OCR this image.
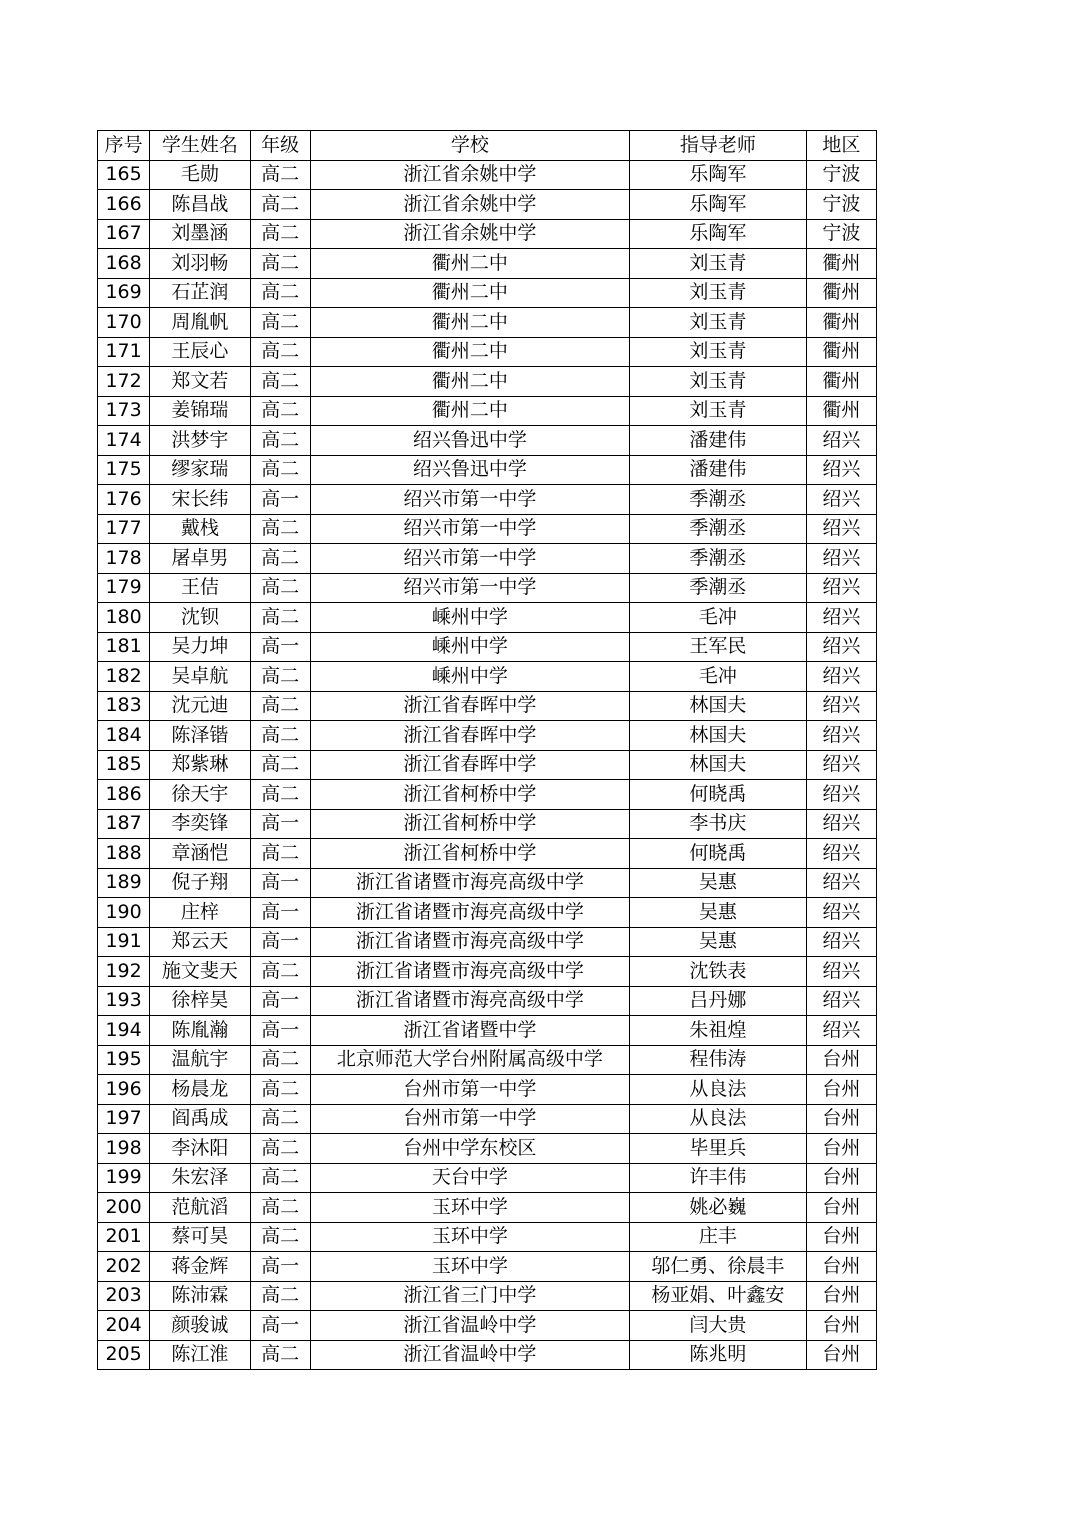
序号	学生姓名	年级	学校	指导老师	地区
165	毛勋	高二	浙江省余姚中学	乐陶军	宁波
166	陈昌战	高二	浙江省余姚中学	乐陶军	宁波
167	刘墨涵	高二	浙江省余姚中学	乐陶军	宁波
168	刘羽畅	高二	衢州二中	刘玉青	衢州
169	石芷润	高二	衢州二中	刘玉青	衢州
170	周胤帆	高二	衢州二中	刘玉青	衢州
171	王辰心	高二	衢州二中	刘玉青	衢州
172	郑文若	高二	衢州二中	刘玉青	衢州
173	姜锦瑞	高二	衢州二中	刘玉青	衢州
174	洪梦宇	高二	绍兴鲁迅中学	潘建伟	绍兴
175	缪家瑞	高二	绍兴鲁迅中学	潘建伟	绍兴
176	宋长纬	高一	绍兴市第一中学	季潮丞	绍兴
177	戴栈	高二	绍兴市第一中学	季潮丞	绍兴
178	屠卓男	高二	绍兴市第一中学	季潮丞	绍兴
179	王佶	高二	绍兴市第一中学	季潮丞	绍兴
180	沈钡	高二	嵊州中学	毛冲	绍兴
181	吴力坤	高一	嵊州中学	王军民	绍兴
182	吴卓航	高二	嵊州中学	毛冲	绍兴
183	沈元迪	高二	浙江省春晖中学	林国夫	绍兴
184	陈泽锴	高二	浙江省春晖中学	林国夫	绍兴
185	郑紫琳	高二	浙江省春晖中学	林国夫	绍兴
186	徐天宇	高二	浙江省柯桥中学	何晓禹	绍兴
187	李奕锋	高一	浙江省柯桥中学	李书庆	绍兴
188	章涵恺	高二	浙江省柯桥中学	何晓禹	绍兴
189	倪子翔	高一	浙江省诸暨市海亮高级中学	吴惠	绍兴
190	庄梓	高一	浙江省诸暨市海亮高级中学	吴惠	绍兴
191	郑云天	高一	浙江省诸暨市海亮高级中学	吴惠	绍兴
192	施文斐天	高二	浙江省诸暨市海亮高级中学	沈铁表	绍兴
193	徐梓昊	高一	浙江省诸暨市海亮高级中学	吕丹娜	绍兴
194	陈胤瀚	高一	浙江省诸暨中学	朱祖煌	绍兴
195	温航宇	高二	北京师范大学台州附属高级中学	程伟涛	台州
196	杨晨龙	高二	台州市第一中学	从良法	台州
197	阎禹成	高二	台州市第一中学	从良法	台州
198	李沐阳	高二	台州中学东校区	毕里兵	台州
199	朱宏泽	高二	天台中学	许丰伟	台州
200	范航滔	高二	玉环中学	姚必巍	台州
201	蔡可昊	高二	玉环中学	庄丰	台州
202	蒋金辉	高一	玉环中学	邬仁勇、徐晨丰	台州
203	陈沛霖	高二	浙江省三门中学	杨亚娟、叶鑫安	台州
204	颜骏诚	高一	浙江省温岭中学	闫大贵	台州
205	陈江淮	高二	浙江省温岭中学	陈兆明	台州
